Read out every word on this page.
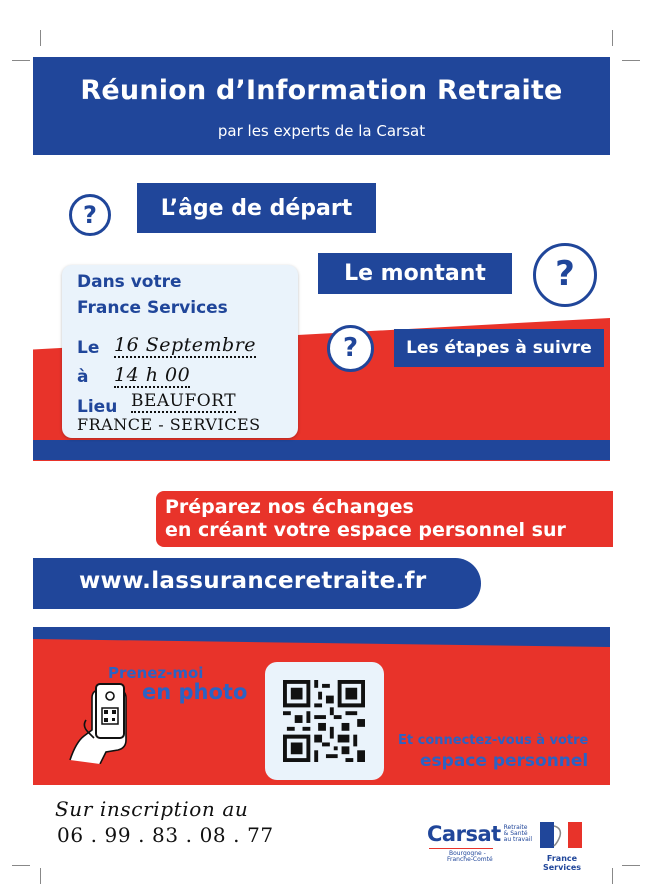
Réunion d’Information Retraite
par les experts de la Carsat
?	L’âge de départ
Le montant	?
?	Les étapes à suivre
Dans votre
France Services
Le 16 Septembre
à 14 h 00
Lieu BEAUFORT
FRANCE - SERVICES
Préparez nos échanges
en créant votre espace personnel sur
www.lassuranceretraite.fr
Prenez-moi
en photo
Et connectez-vous à votre
espace personnel
Sur inscription au
06 . 99 . 83 . 08 . 77	Carsat Retraite
& Santé
au travail
Bourgogne -
Franche-Comté	France Services
